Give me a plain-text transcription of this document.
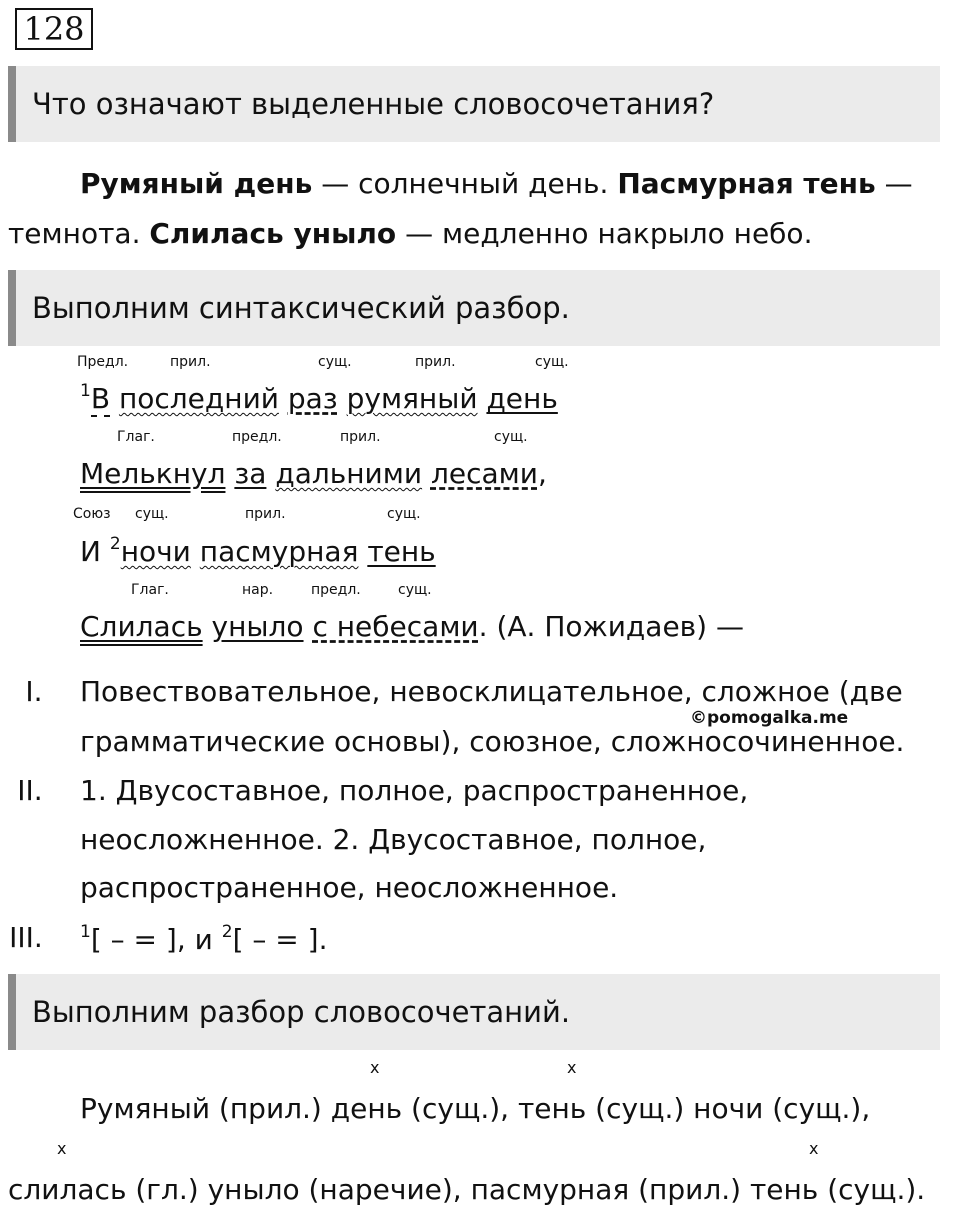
128
Что означают выделенные словосочетания?
Румяный день — солнечный день. Пасмурная тень —
темнота. Слилась уныло — медленно накрыло небо.
Выполним синтаксический разбор.
Предл.	прил.	сущ.	прил.	сущ.
$^1$В последний раз румяный день
Глаг.	предл.	прил.	сущ.
Мелькнул за дальними лесами,
Союз сущ.	прил.	сущ.
И $^2$ночи пасмурная тень
Глаг.	нар.	предл.	сущ.
Слилась уныло с небесами. (А. Пожидаев) —
I.	Повествовательное, невосклицательное, сложное (две
©pomogalka.me
грамматические основы), союзное, сложносочиненное.
II.	1. Двусоставное, полное, распространенное,
неосложненное. 2. Двусоставное, полное,
распространенное, неосложненное.
III.	$^1$[ – = ], и $^2$[ – = ].
Выполним разбор словосочетаний.
x	x
Румяный (прил.) день (сущ.), тень (сущ.) ночи (сущ.),
x	x
слилась (гл.) уныло (наречие), пасмурная (прил.) тень (сущ.).
